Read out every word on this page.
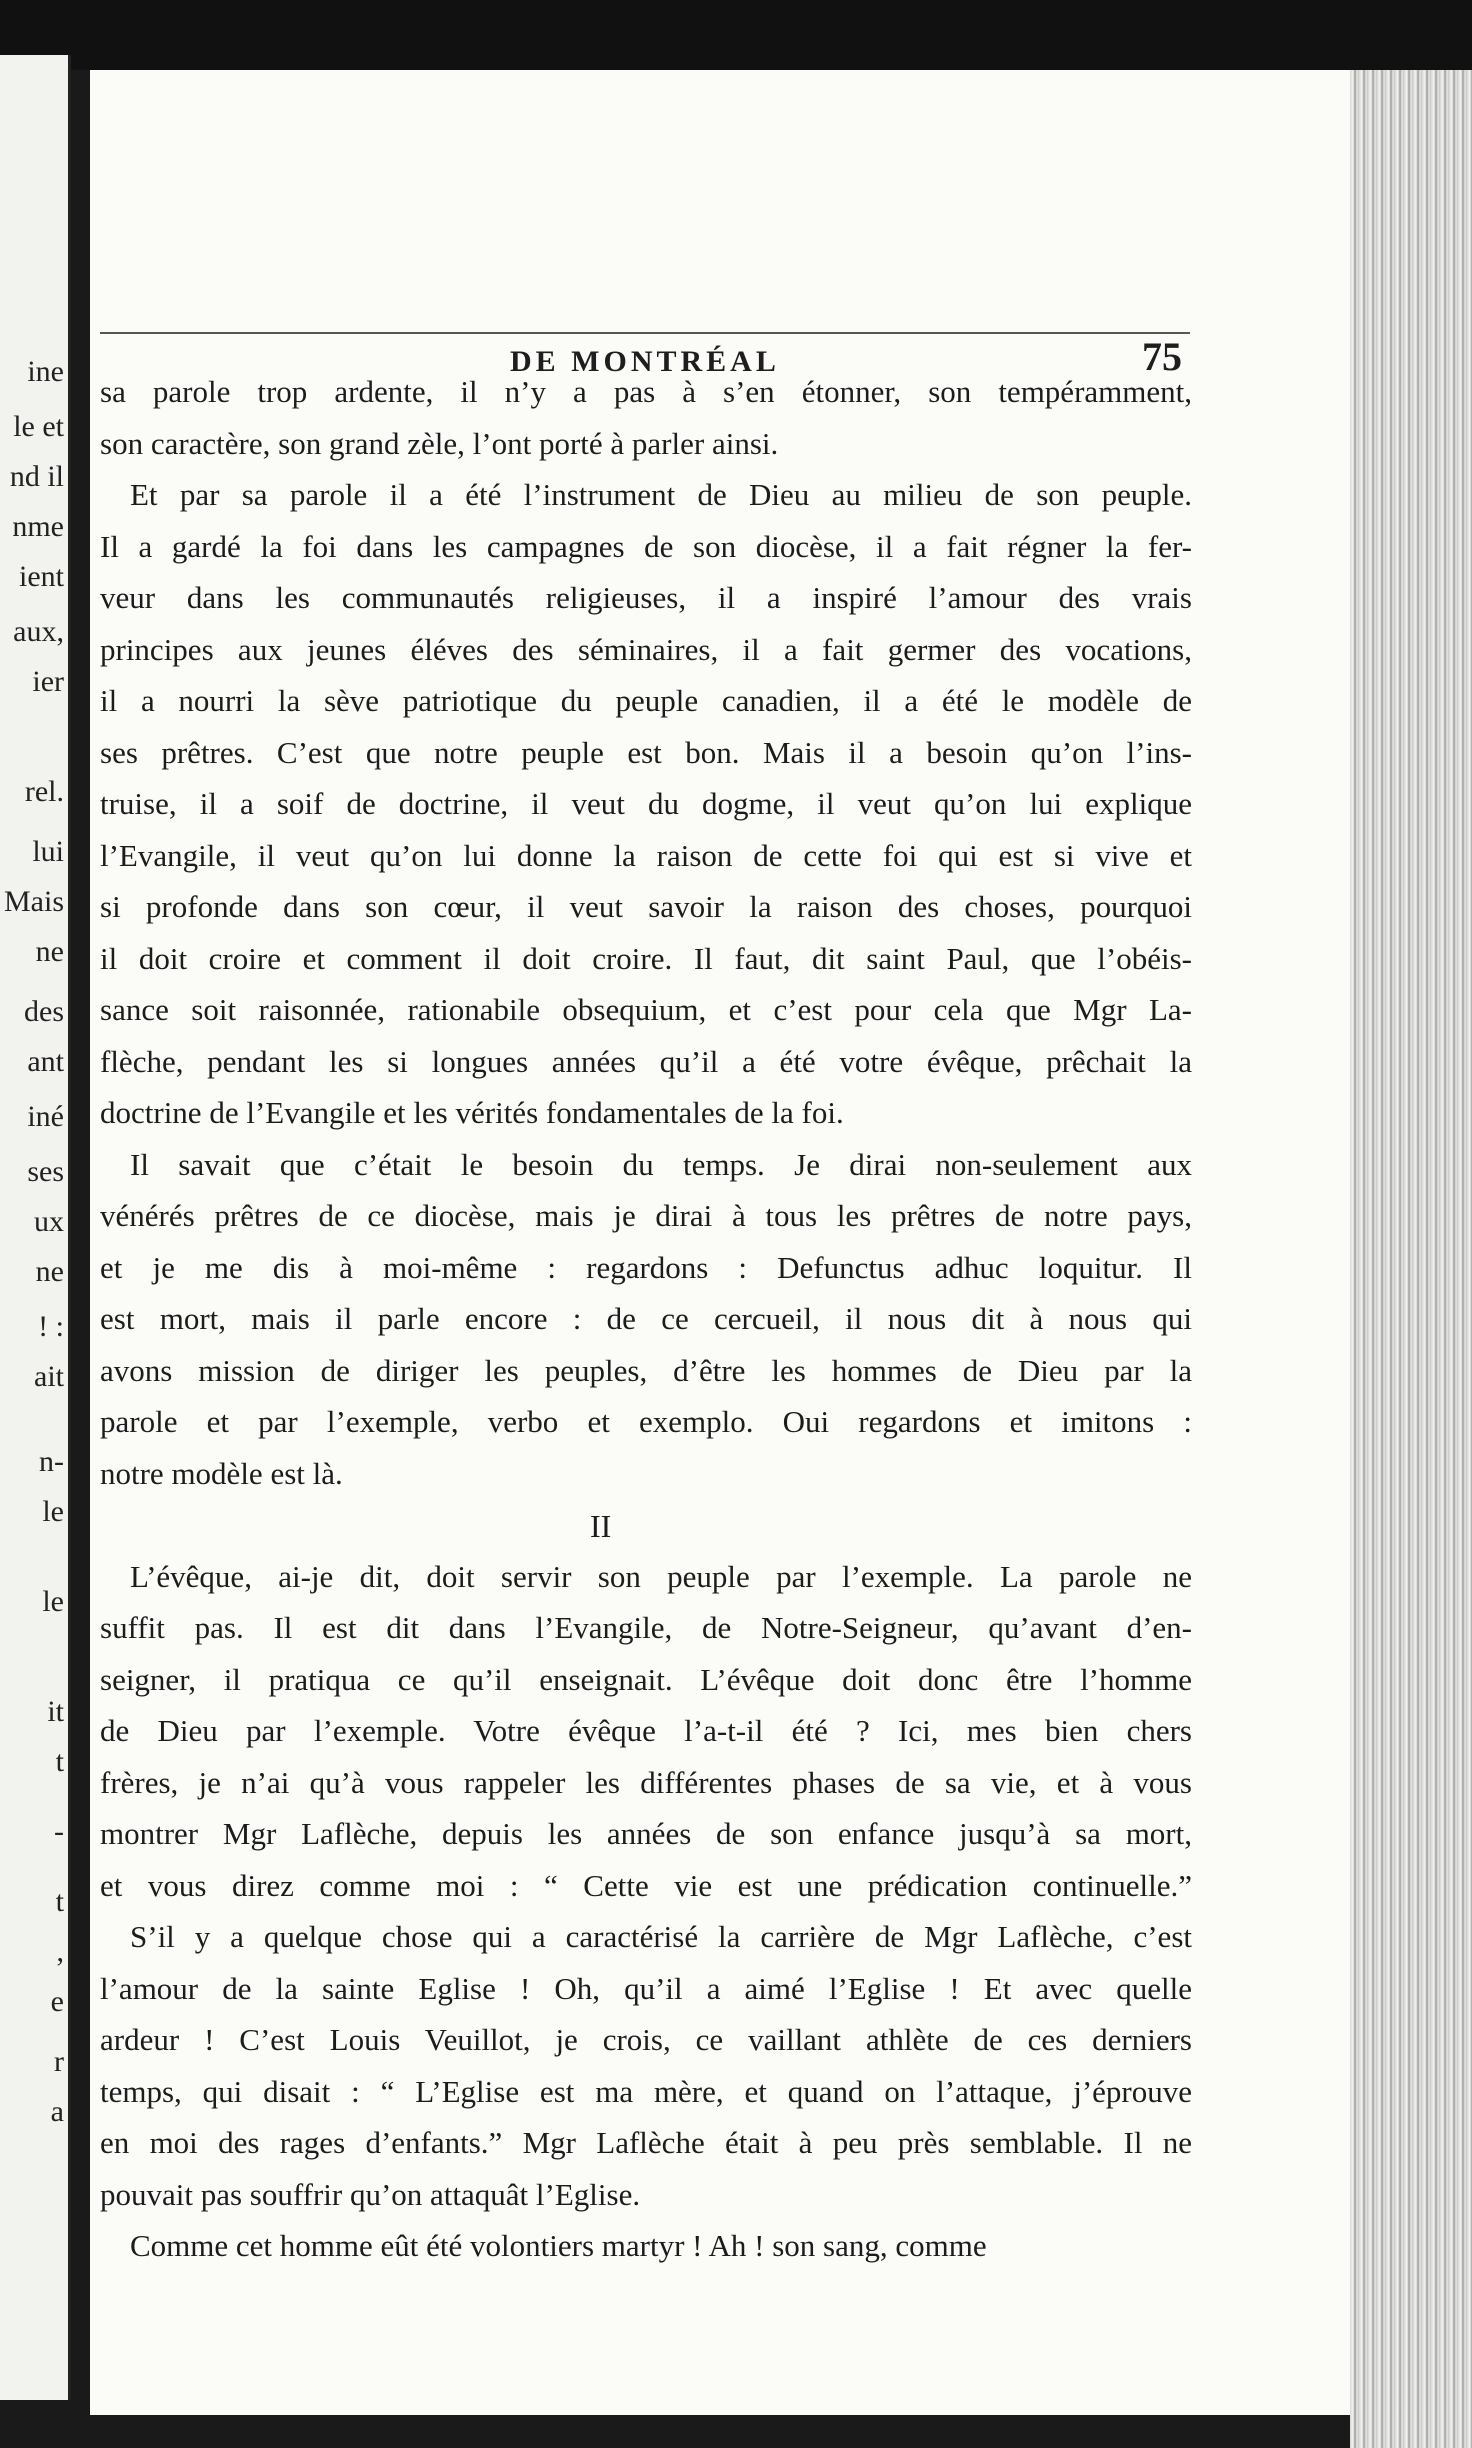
ine
le et
nd il
nme
ient
aux,
ier
rel.
lui
Mais
ne
des
ant
iné
ses
ux
ne
! :
ait
n-
le
le
it
t
-
t
,
e
r
a
DE MONTRÉAL	75
sa parole trop ardente, il n’y a pas à s’en étonner, son tempéramment,
son caractère, son grand zèle, l’ont porté à parler ainsi.
Et par sa parole il a été l’instrument de Dieu au milieu de son peuple.
Il a gardé la foi dans les campagnes de son diocèse, il a fait régner la fer-
veur dans les communautés religieuses, il a inspiré l’amour des vrais
principes aux jeunes éléves des séminaires, il a fait germer des vocations,
il a nourri la sève patriotique du peuple canadien, il a été le modèle de
ses prêtres. C’est que notre peuple est bon. Mais il a besoin qu’on l’ins-
truise, il a soif de doctrine, il veut du dogme, il veut qu’on lui explique
l’Evangile, il veut qu’on lui donne la raison de cette foi qui est si vive et
si profonde dans son cœur, il veut savoir la raison des choses, pourquoi
il doit croire et comment il doit croire. Il faut, dit saint Paul, que l’obéis-
sance soit raisonnée, rationabile obsequium, et c’est pour cela que Mgr La-
flèche, pendant les si longues années qu’il a été votre évêque, prêchait la
doctrine de l’Evangile et les vérités fondamentales de la foi.
Il savait que c’était le besoin du temps. Je dirai non-seulement aux
vénérés prêtres de ce diocèse, mais je dirai à tous les prêtres de notre pays,
et je me dis à moi-même : regardons : Defunctus adhuc loquitur. Il
est mort, mais il parle encore : de ce cercueil, il nous dit à nous qui
avons mission de diriger les peuples, d’être les hommes de Dieu par la
parole et par l’exemple, verbo et exemplo. Oui regardons et imitons :
notre modèle est là.
II
L’évêque, ai-je dit, doit servir son peuple par l’exemple. La parole ne
suffit pas. Il est dit dans l’Evangile, de Notre-Seigneur, qu’avant d’en-
seigner, il pratiqua ce qu’il enseignait. L’évêque doit donc être l’homme
de Dieu par l’exemple. Votre évêque l’a-t-il été ? Ici, mes bien chers
frères, je n’ai qu’à vous rappeler les différentes phases de sa vie, et à vous
montrer Mgr Laflèche, depuis les années de son enfance jusqu’à sa mort,
et vous direz comme moi : “ Cette vie est une prédication continuelle.”
S’il y a quelque chose qui a caractérisé la carrière de Mgr Laflèche, c’est
l’amour de la sainte Eglise ! Oh, qu’il a aimé l’Eglise ! Et avec quelle
ardeur ! C’est Louis Veuillot, je crois, ce vaillant athlète de ces derniers
temps, qui disait : “ L’Eglise est ma mère, et quand on l’attaque, j’éprouve
en moi des rages d’enfants.” Mgr Laflèche était à peu près semblable. Il ne
pouvait pas souffrir qu’on attaquât l’Eglise.
Comme cet homme eût été volontiers martyr ! Ah ! son sang, comme
